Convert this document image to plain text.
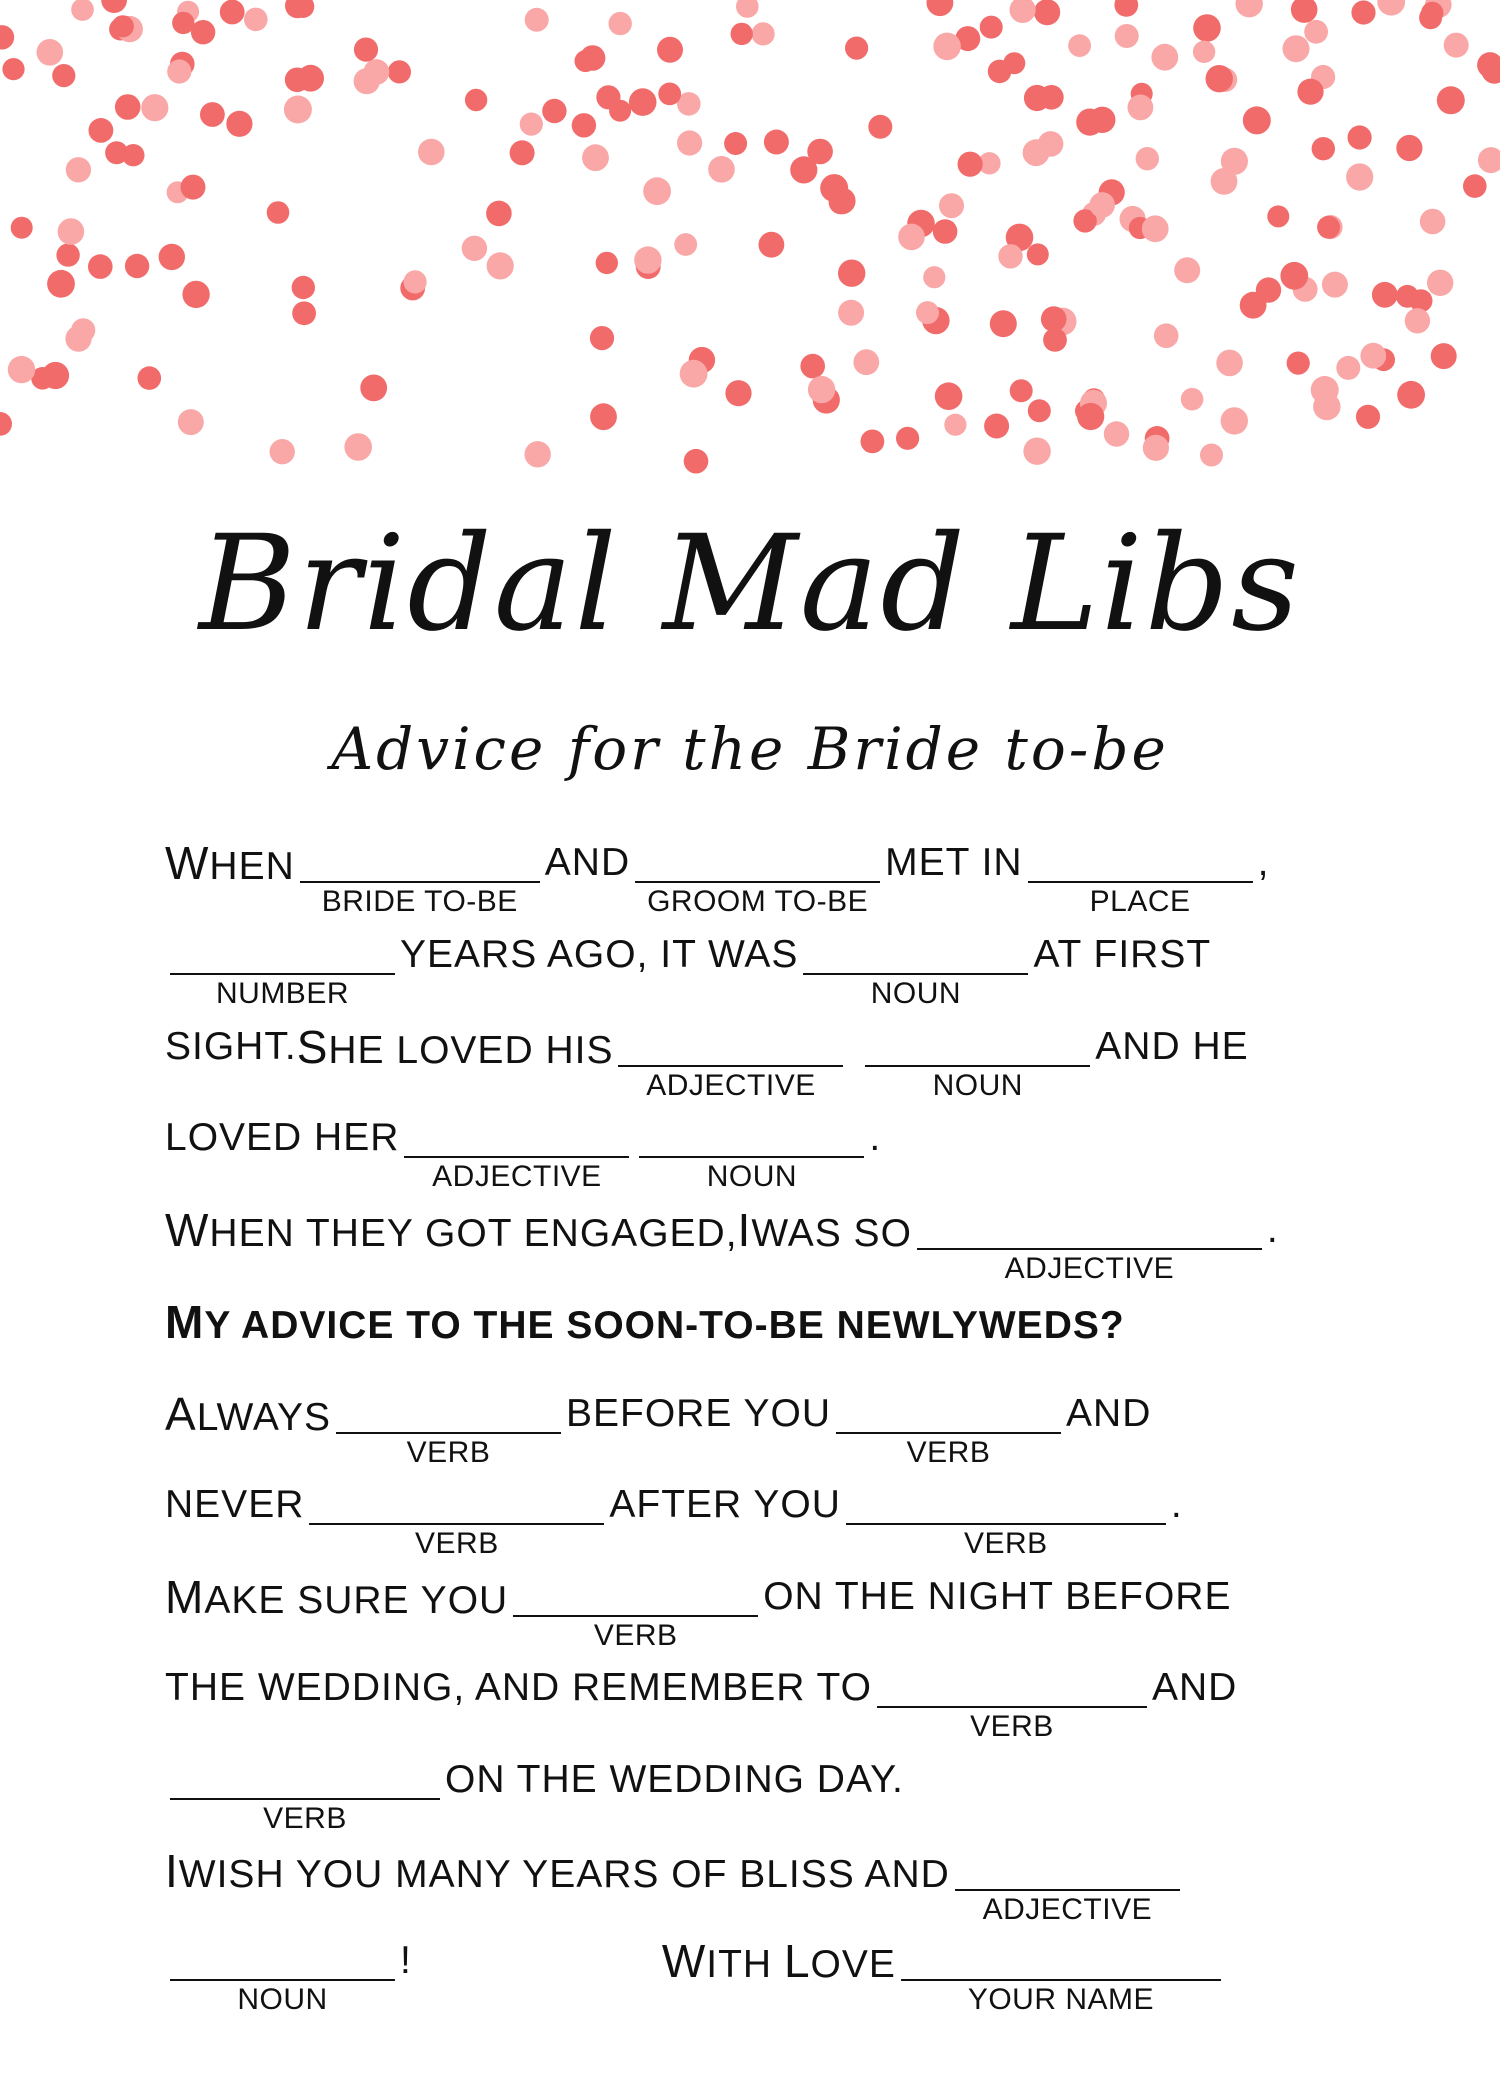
Bridal Mad Libs
Advice for the Bride to-be
WHEN
BRIDE TO-BE
AND
GROOM TO-BE
MET IN
PLACE
,
NUMBER
YEARS AGO, IT WAS
NOUN
AT FIRST
SIGHT.SHE LOVED HIS
ADJECTIVE
	NOUN
AND HE
LOVED HER
ADJECTIVE	NOUN
.
WHEN THEY GOT ENGAGED,IWAS SO
ADJECTIVE
.
MY ADVICE TO THE SOON-TO-BE NEWLYWEDS?
ALWAYS
VERB
BEFORE YOU
VERB
AND
NEVER
VERB
AFTER YOU
VERB
.
MAKE SURE YOU
VERB
ON THE NIGHT BEFORE
THE WEDDING, AND REMEMBER TO
VERB
AND
VERB
ON THE WEDDING DAY.
IWISH YOU MANY YEARS OF BLISS AND
ADJECTIVE
NOUN
!	WITH LOVE
YOUR NAME
